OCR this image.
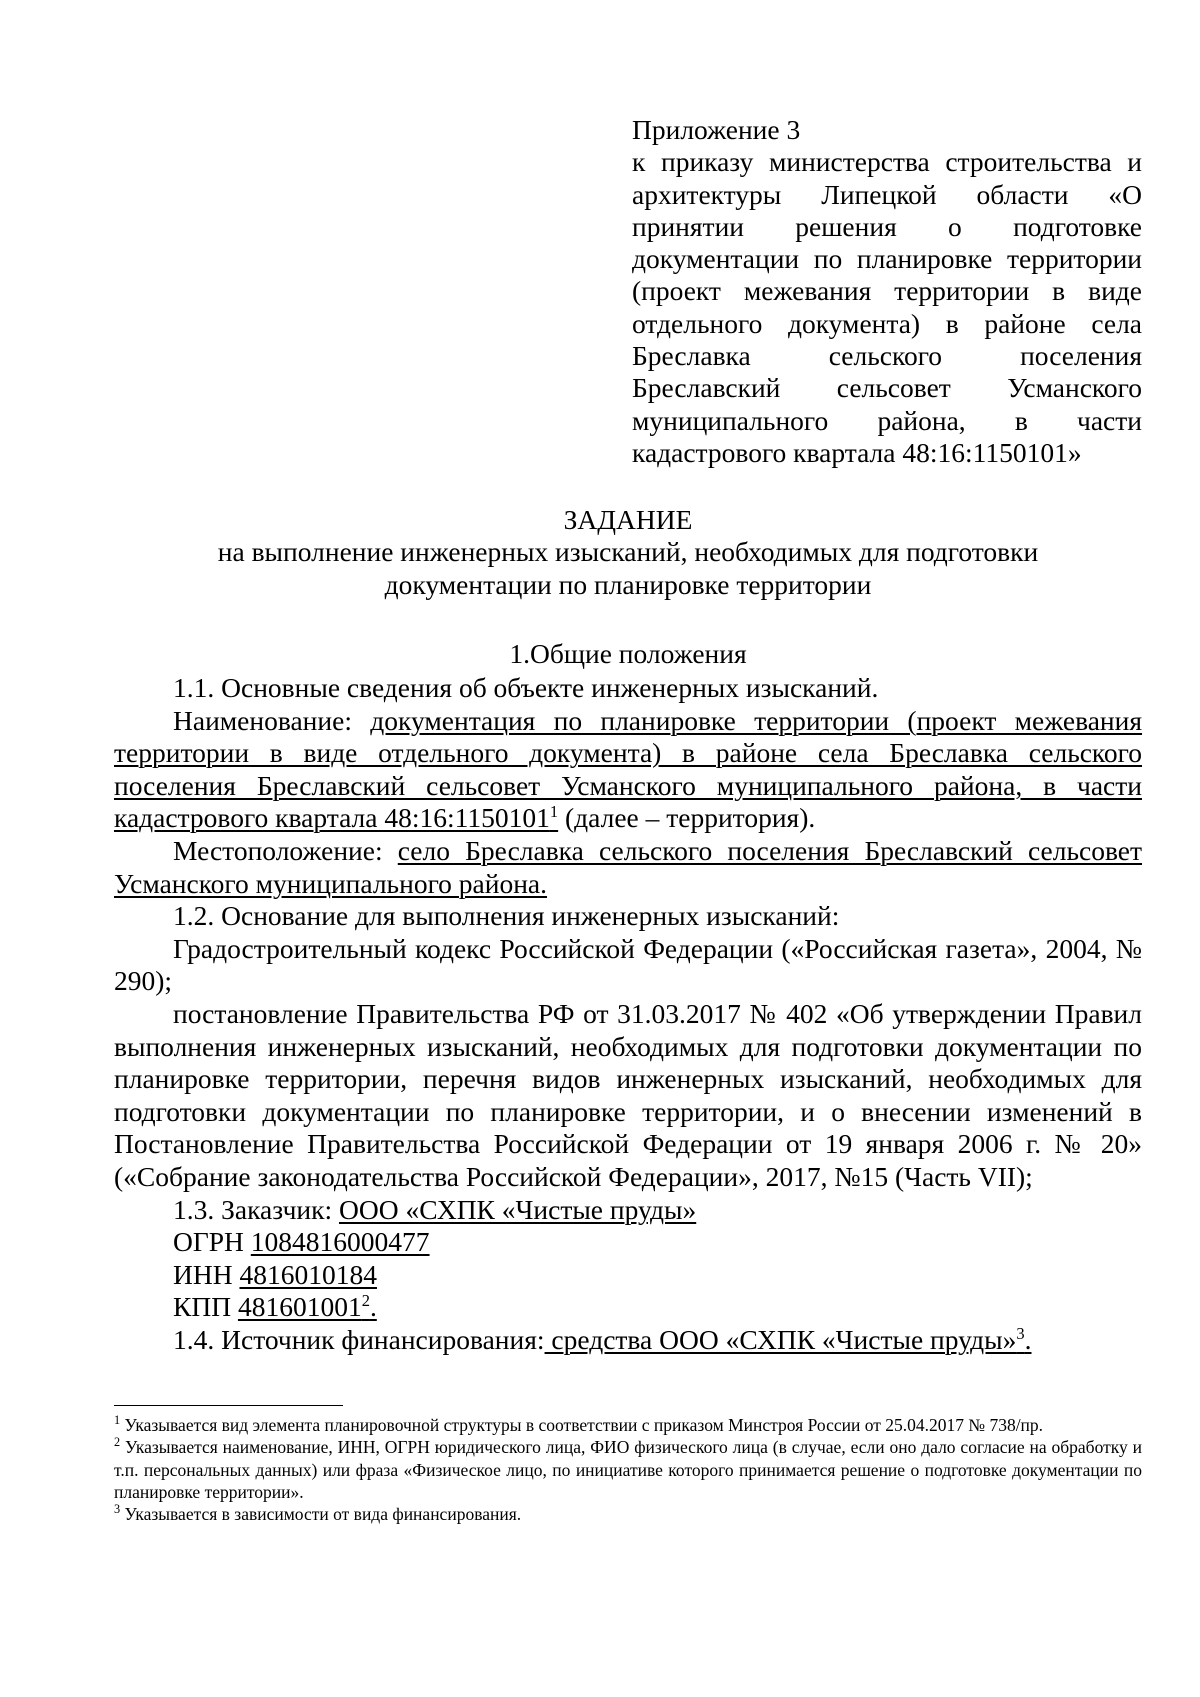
Приложение 3

к приказу министерства строительства и архитектуры Липецкой области «О принятии решения о подготовке документации по планировке территории (проект межевания территории в виде отдельного документа) в районе села Бреславка сельского поселения Бреславский сельсовет Усманского муниципального района, в части кадастрового квартала 48:16:1150101»

ЗАДАНИЕ

на выполнение инженерных изысканий, необходимых для подготовки

документации по планировке территории

1.Общие положения

1.1. Основные сведения об объекте инженерных изысканий.

Наименование: документация по планировке территории (проект межевания территории в виде отдельного документа) в районе села Бреславка сельского поселения Бреславский сельсовет Усманского муниципального района, в части кадастрового квартала 48:16:1150101$^1$ (далее – территория).

Местоположение: село Бреславка сельского поселения Бреславский сельсовет Усманского муниципального района.

1.2. Основание для выполнения инженерных изысканий:

Градостроительный кодекс Российской Федерации («Российская газета», 2004, № 290);

постановление Правительства РФ от 31.03.2017 № 402 «Об утверждении Правил выполнения инженерных изысканий, необходимых для подготовки документации по планировке территории, перечня видов инженерных изысканий, необходимых для подготовки документации по планировке территории, и о внесении изменений в Постановление Правительства Российской Федерации от 19 января 2006 г. № 20» («Собрание законодательства Российской Федерации», 2017, №15 (Часть VII);

1.3. Заказчик: ООО «СХПК «Чистые пруды»

ОГРН 1084816000477

ИНН 4816010184

КПП 481601001$^2$.

1.4. Источник финансирования: средства ООО «СХПК «Чистые пруды»$^3$.

$^1$ Указывается вид элемента планировочной структуры в соответствии с приказом Минстроя России от 25.04.2017 № 738/пр.

$^2$ Указывается наименование, ИНН, ОГРН юридического лица, ФИО физического лица (в случае, если оно дало согласие на обработку и т.п. персональных данных) или фраза «Физическое лицо, по инициативе которого принимается решение о подготовке документации по планировке территории».

$^3$ Указывается в зависимости от вида финансирования.
